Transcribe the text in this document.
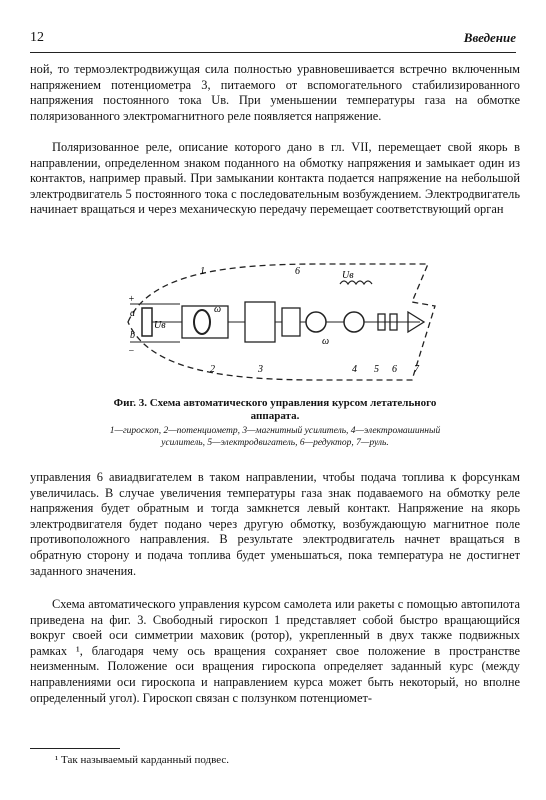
12	Введение

ной, то термоэлектродвижущая сила полностью уравновешивается встречно включенным напряжением потенциометра 3, питаемого от вспомогательного стабилизированного напряжения постоянного тока Uв. При уменьшении температуры газа на обмотке поляризованного электромагнитного реле появляется напряжение.

Поляризованное реле, описание которого дано в гл. VII, перемещает свой якорь в направлении, определенном знаком поданного на обмотку напряжения и замыкает один из контактов, например правый. При замыкании контакта подается напряжение на небольшой электродвигатель 5 постоянного тока с последовательным возбуждением. Электродвигатель начинает вращаться и через механическую передачу перемещает соответствующий орган

+
−
a
b
Uв
1
ω
6	Uв
ω
2	3	4 5 6 7

Фиг. 3. Схема автоматического управления курсом летательного аппарата.

1—гироскоп, 2—потенциометр, 3—магнитный усилитель, 4—электромашинный усилитель, 5—электродвигатель, 6—редуктор, 7—руль.

управления 6 авиадвигателем в таком направлении, чтобы подача топлива к форсункам увеличилась. В случае увеличения температуры газа знак подаваемого на обмотку реле напряжения будет обратным и тогда замкнется левый контакт. Напряжение на якорь электродвигателя будет подано через другую обмотку, возбуждающую магнитное поле противоположного направления. В результате электродвигатель начнет вращаться в обратную сторону и подача топлива будет уменьшаться, пока температура не достигнет заданного значения.

Схема автоматического управления курсом самолета или ракеты с помощью автопилота приведена на фиг. 3. Свободный гироскоп 1 представляет собой быстро вращающийся вокруг своей оси симметрии маховик (ротор), укрепленный в двух также подвижных рамках ¹, благодаря чему ось вращения сохраняет свое положение в пространстве неизменным. Положение оси вращения гироскопа определяет заданный курс (между направлениями оси гироскопа и направлением курса может быть некоторый, но вполне определенный угол). Гироскоп связан с ползунком потенциомет-

¹ Так называемый карданный подвес.
